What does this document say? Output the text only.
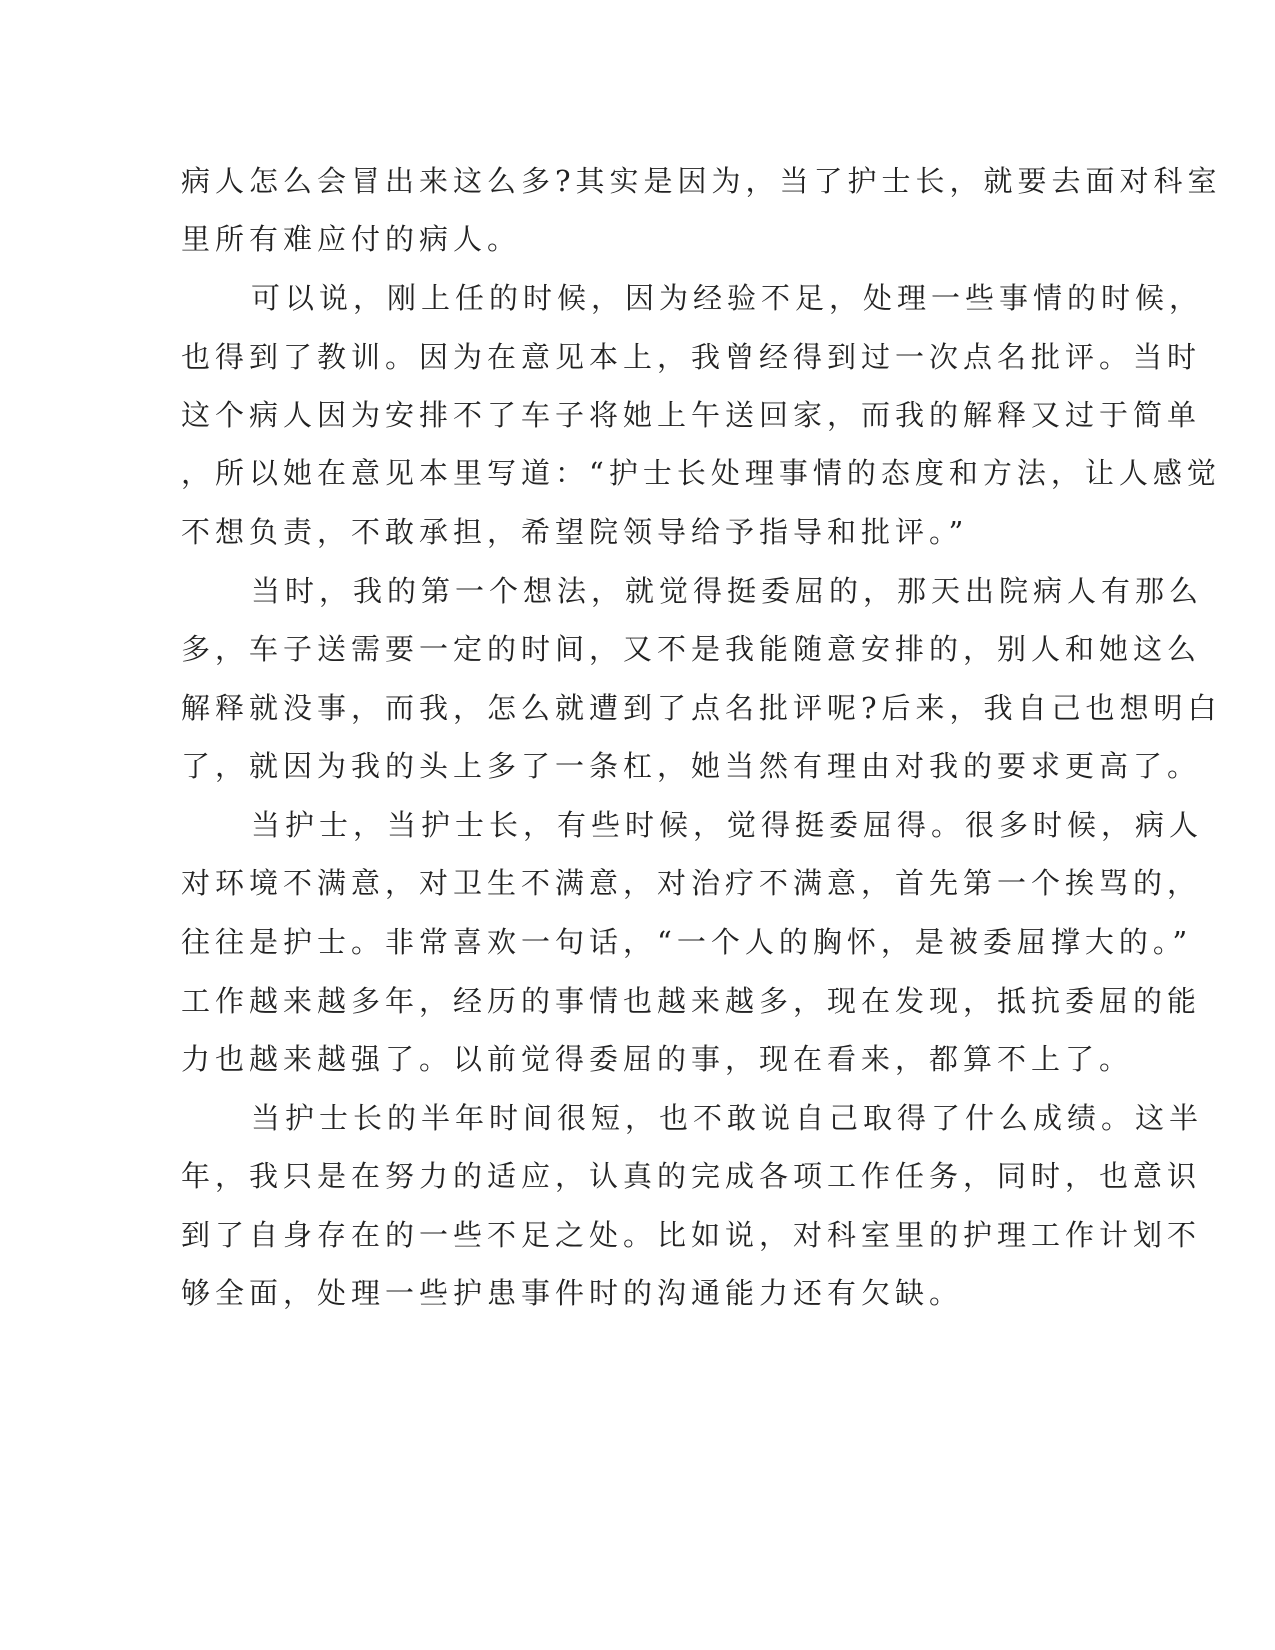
病人怎么会冒出来这么多?其实是因为，当了护士长，就要去面对科室
里所有难应付的病人。
可以说，刚上任的时候，因为经验不足，处理一些事情的时候，
也得到了教训。因为在意见本上，我曾经得到过一次点名批评。当时
这个病人因为安排不了车子将她上午送回家，而我的解释又过于简单
，所以她在意见本里写道：“护士长处理事情的态度和方法，让人感觉
不想负责，不敢承担，希望院领导给予指导和批评。”
当时，我的第一个想法，就觉得挺委屈的，那天出院病人有那么
多，车子送需要一定的时间，又不是我能随意安排的，别人和她这么
解释就没事，而我，怎么就遭到了点名批评呢?后来，我自己也想明白
了，就因为我的头上多了一条杠，她当然有理由对我的要求更高了。
当护士，当护士长，有些时候，觉得挺委屈得。很多时候，病人
对环境不满意，对卫生不满意，对治疗不满意，首先第一个挨骂的，
往往是护士。非常喜欢一句话，“一个人的胸怀，是被委屈撑大的。”
工作越来越多年，经历的事情也越来越多，现在发现，抵抗委屈的能
力也越来越强了。以前觉得委屈的事，现在看来，都算不上了。
当护士长的半年时间很短，也不敢说自己取得了什么成绩。这半
年，我只是在努力的适应，认真的完成各项工作任务，同时，也意识
到了自身存在的一些不足之处。比如说，对科室里的护理工作计划不
够全面，处理一些护患事件时的沟通能力还有欠缺。
